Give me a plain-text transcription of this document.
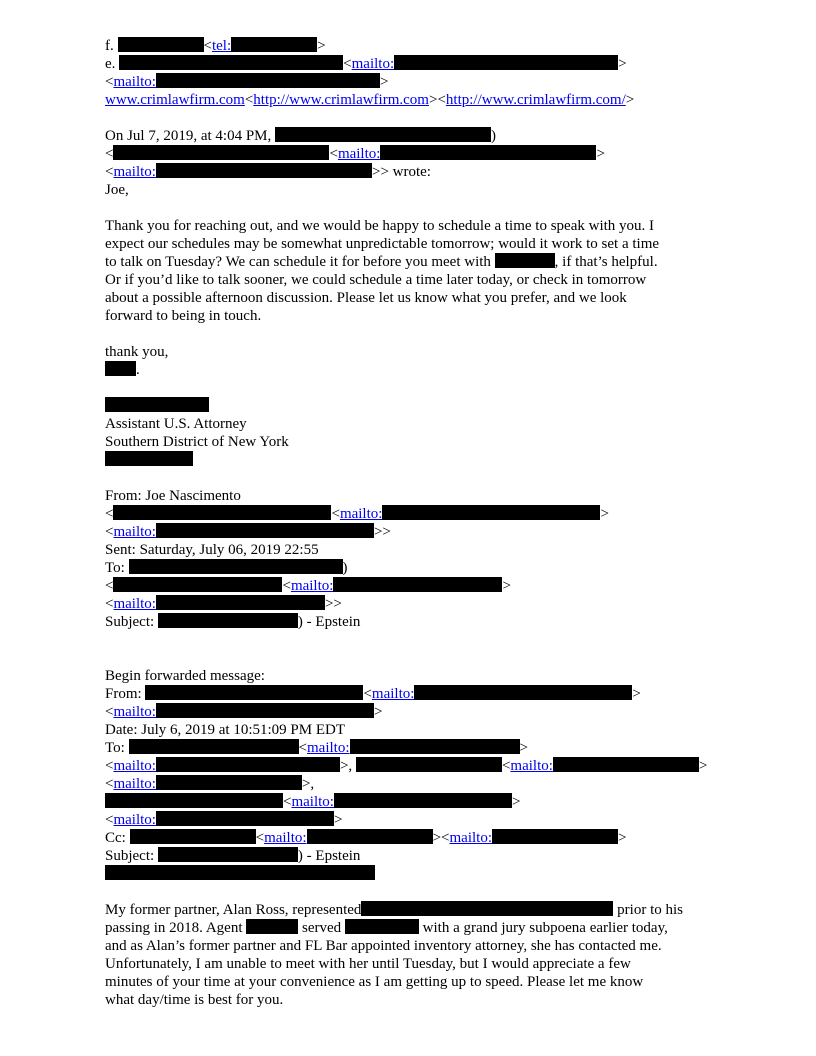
f.	<tel:	>
e.	<mailto:	>
<mailto:	>
www.crimlawfirm.com<http://www.crimlawfirm.com><http://www.crimlawfirm.com/>
On Jul 7, 2019, at 4:04 PM,	)
<	<mailto:	>
<mailto:	>> wrote:
Joe,
Thank you for reaching out, and we would be happy to schedule a time to speak with you. I
expect our schedules may be somewhat unpredictable tomorrow; would it work to set a time
to talk on Tuesday? We can schedule it for before you meet with	, if that’s helpful.
Or if you’d like to talk sooner, we could schedule a time later today, or check in tomorrow
about a possible afternoon discussion. Please let us know what you prefer, and we look
forward to being in touch.
thank you,
.
Assistant U.S. Attorney
Southern District of New York
From: Joe Nascimento
<	<mailto:	>
<mailto:	>>
Sent: Saturday, July 06, 2019 22:55
To:	)
<	<mailto:	>
<mailto:	>>
Subject:	) - Epstein
Begin forwarded message:
From:	<mailto:	>
<mailto:	>
Date: July 6, 2019 at 10:51:09 PM EDT
To:	<mailto:	>
<mailto:	>,	<mailto:	>
<mailto:	>,
<mailto:	>
<mailto:	>
Cc:	<mailto:	><mailto:	>
Subject:	) - Epstein
My former partner, Alan Ross, represented	prior to his
passing in 2018. Agent	served	with a grand jury subpoena earlier today,
and as Alan’s former partner and FL Bar appointed inventory attorney, she has contacted me.
Unfortunately, I am unable to meet with her until Tuesday, but I would appreciate a few
minutes of your time at your convenience as I am getting up to speed. Please let me know
what day/time is best for you.
